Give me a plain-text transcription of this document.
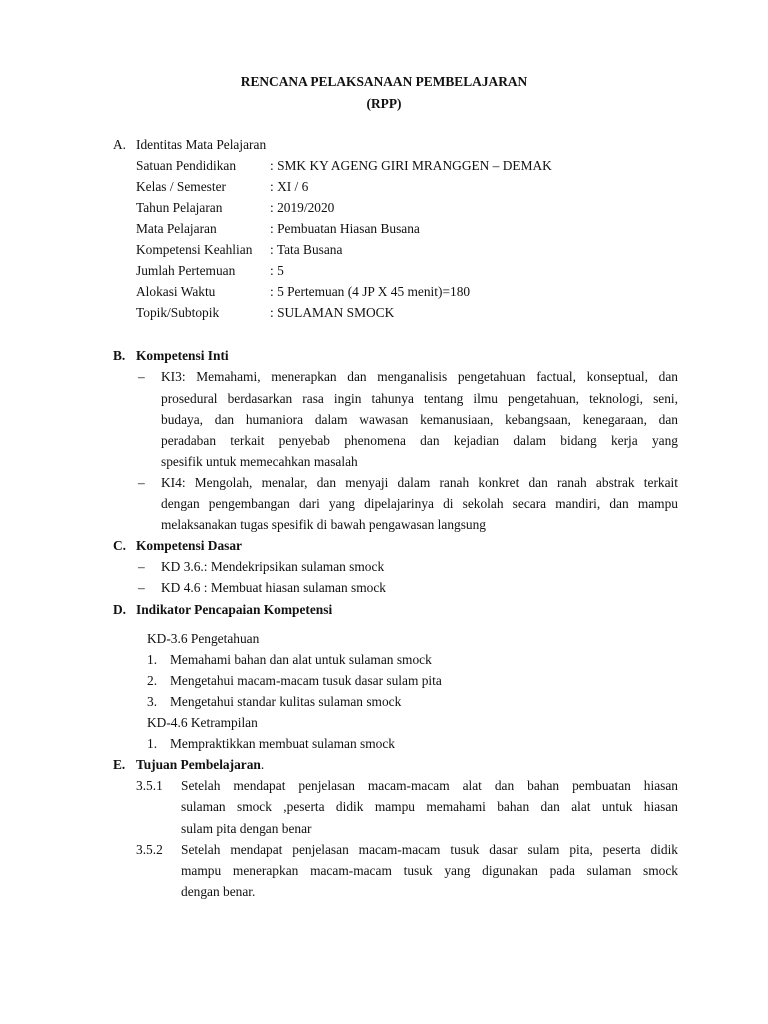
RENCANA PELAKSANAAN PEMBELAJARAN
(RPP)
A. Identitas Mata Pelajaran
Satuan Pendidikan	: SMK KY AGENG GIRI MRANGGEN – DEMAK
Kelas / Semester	: XI / 6
Tahun Pelajaran	: 2019/2020
Mata Pelajaran	: Pembuatan Hiasan Busana
Kompetensi Keahlian : Tata Busana
Jumlah Pertemuan	: 5
Alokasi Waktu	: 5 Pertemuan (4 JP X 45 menit)=180
Topik/Subtopik	: SULAMAN SMOCK
B. Kompetensi Inti
– KI3: Memahami, menerapkan dan menganalisis pengetahuan factual, konseptual, dan
prosedural berdasarkan rasa ingin tahunya tentang ilmu pengetahuan, teknologi, seni,
budaya, dan humaniora dalam wawasan kemanusiaan, kebangsaan, kenegaraan, dan
peradaban terkait penyebab phenomena dan kejadian dalam bidang kerja yang
spesifik untuk memecahkan masalah
– KI4: Mengolah, menalar, dan menyaji dalam ranah konkret dan ranah abstrak terkait
dengan pengembangan dari yang dipelajarinya di sekolah secara mandiri, dan mampu
melaksanakan tugas spesifik di bawah pengawasan langsung
C. Kompetensi Dasar
– KD 3.6.: Mendekripsikan sulaman smock
– KD 4.6 : Membuat hiasan sulaman smock
D. Indikator Pencapaian Kompetensi
KD-3.6 Pengetahuan
1. Memahami bahan dan alat untuk sulaman smock
2. Mengetahui macam-macam tusuk dasar sulam pita
3. Mengetahui standar kulitas sulaman smock
KD-4.6 Ketrampilan
1. Mempraktikkan membuat sulaman smock
E. Tujuan Pembelajaran.
3.5.1 Setelah mendapat penjelasan macam-macam alat dan bahan pembuatan hiasan
sulaman smock ,peserta didik mampu memahami bahan dan alat untuk hiasan
sulam pita dengan benar
3.5.2 Setelah mendapat penjelasan macam-macam tusuk dasar sulam pita, peserta didik
mampu menerapkan macam-macam tusuk yang digunakan pada sulaman smock
dengan benar.
